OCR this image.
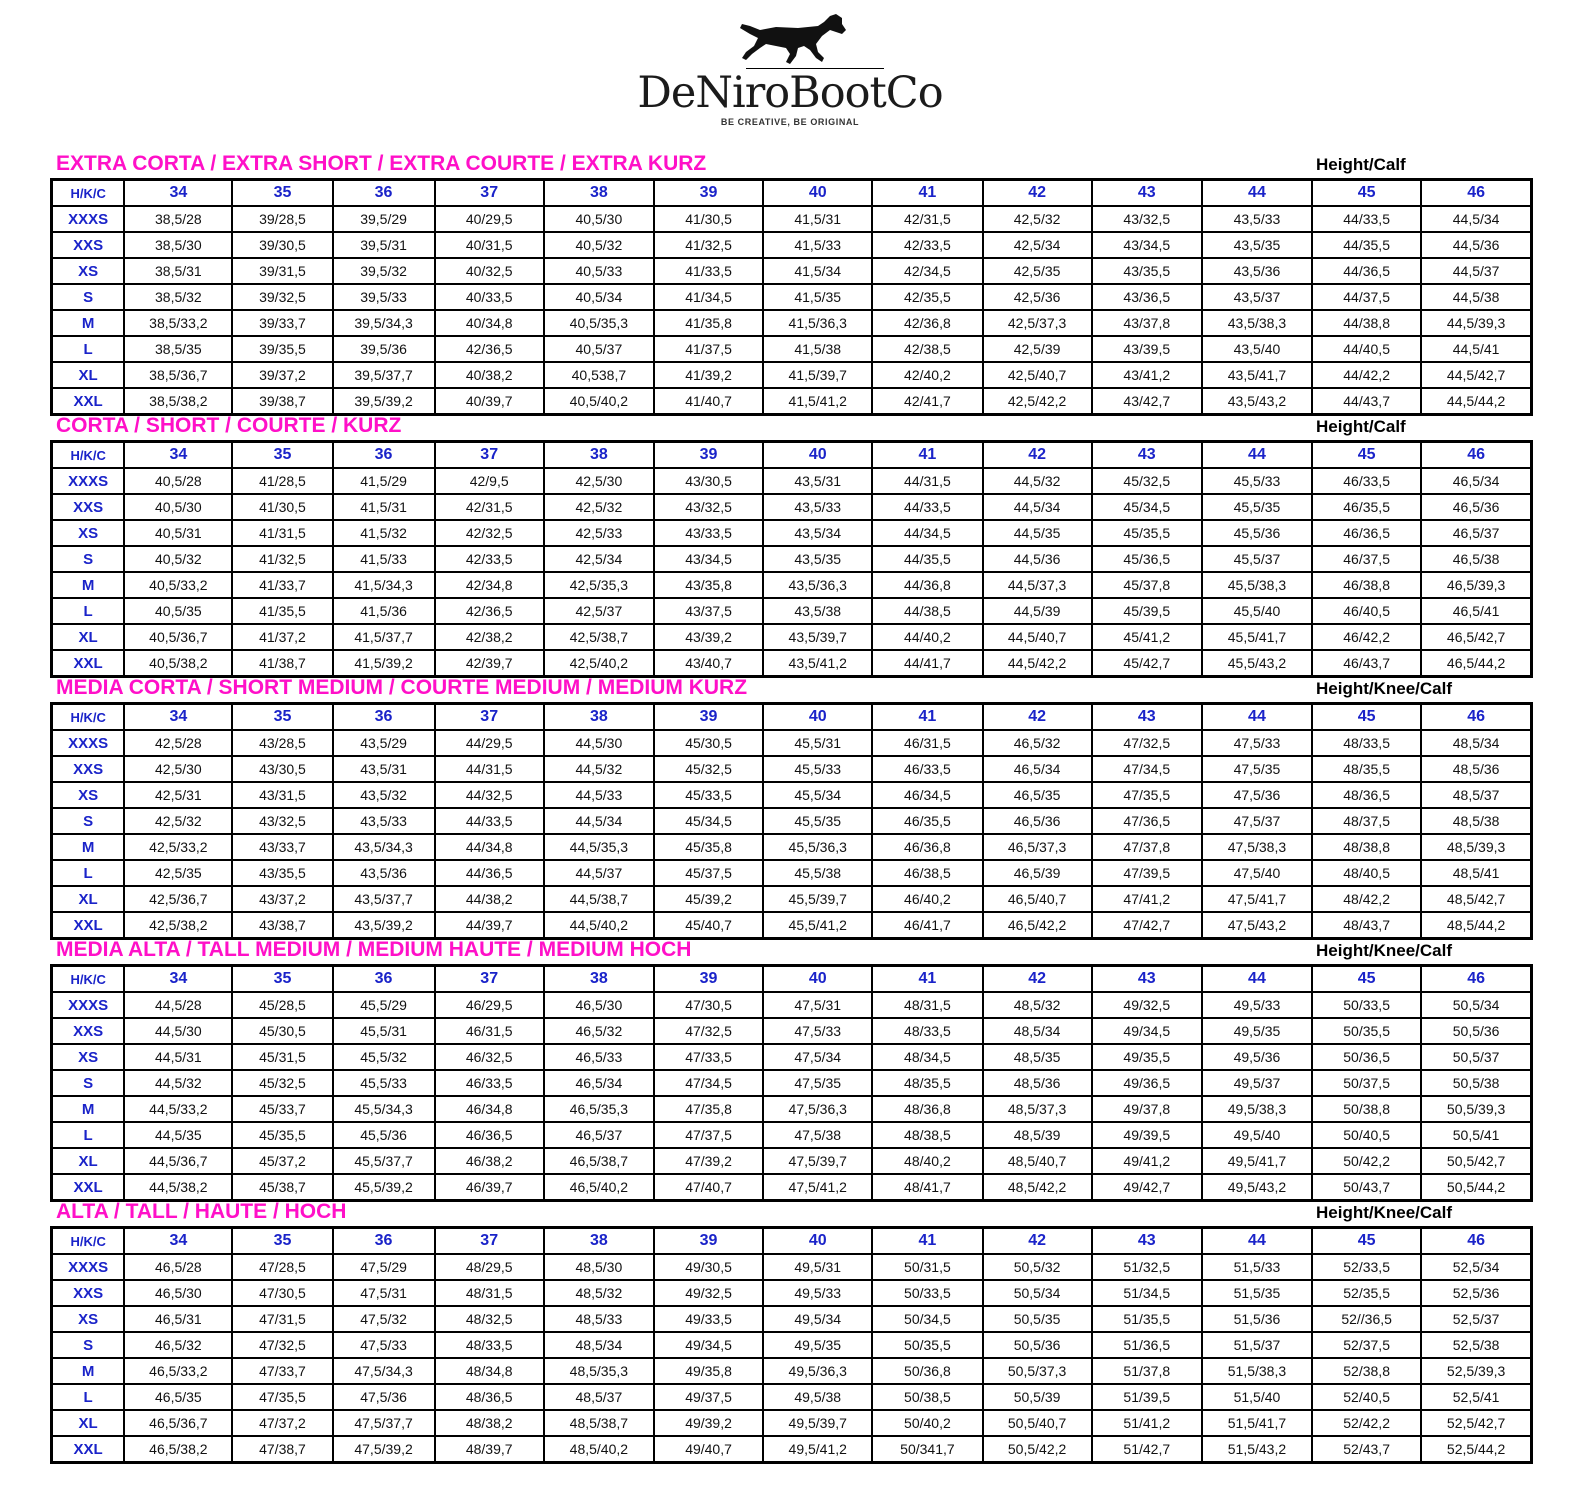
DeNiroBootCo
BE CREATIVE, BE ORIGINAL
EXTRA CORTA / EXTRA SHORT / EXTRA COURTE / EXTRA KURZ	Height/Calf
H/K/C	34	35	36	37	38	39	40	41	42	43	44	45	46
XXXS	38,5/28	39/28,5	39,5/29	40/29,5	40,5/30	41/30,5	41,5/31	42/31,5	42,5/32	43/32,5	43,5/33	44/33,5	44,5/34
XXS	38,5/30	39/30,5	39,5/31	40/31,5	40,5/32	41/32,5	41,5/33	42/33,5	42,5/34	43/34,5	43,5/35	44/35,5	44,5/36
XS	38,5/31	39/31,5	39,5/32	40/32,5	40,5/33	41/33,5	41,5/34	42/34,5	42,5/35	43/35,5	43,5/36	44/36,5	44,5/37
S	38,5/32	39/32,5	39,5/33	40/33,5	40,5/34	41/34,5	41,5/35	42/35,5	42,5/36	43/36,5	43,5/37	44/37,5	44,5/38
M	38,5/33,2	39/33,7	39,5/34,3	40/34,8	40,5/35,3	41/35,8	41,5/36,3	42/36,8	42,5/37,3	43/37,8	43,5/38,3	44/38,8	44,5/39,3
L	38,5/35	39/35,5	39,5/36	42/36,5	40,5/37	41/37,5	41,5/38	42/38,5	42,5/39	43/39,5	43,5/40	44/40,5	44,5/41
XL	38,5/36,7	39/37,2	39,5/37,7	40/38,2	40,538,7	41/39,2	41,5/39,7	42/40,2	42,5/40,7	43/41,2	43,5/41,7	44/42,2	44,5/42,7
XXL	38,5/38,2	39/38,7	39,5/39,2	40/39,7	40,5/40,2	41/40,7	41,5/41,2	42/41,7	42,5/42,2	43/42,7	43,5/43,2	44/43,7	44,5/44,2
CORTA / SHORT / COURTE / KURZ	Height/Calf
H/K/C	34	35	36	37	38	39	40	41	42	43	44	45	46
XXXS	40,5/28	41/28,5	41,5/29	42/9,5	42,5/30	43/30,5	43,5/31	44/31,5	44,5/32	45/32,5	45,5/33	46/33,5	46,5/34
XXS	40,5/30	41/30,5	41,5/31	42/31,5	42,5/32	43/32,5	43,5/33	44/33,5	44,5/34	45/34,5	45,5/35	46/35,5	46,5/36
XS	40,5/31	41/31,5	41,5/32	42/32,5	42,5/33	43/33,5	43,5/34	44/34,5	44,5/35	45/35,5	45,5/36	46/36,5	46,5/37
S	40,5/32	41/32,5	41,5/33	42/33,5	42,5/34	43/34,5	43,5/35	44/35,5	44,5/36	45/36,5	45,5/37	46/37,5	46,5/38
M	40,5/33,2	41/33,7	41,5/34,3	42/34,8	42,5/35,3	43/35,8	43,5/36,3	44/36,8	44,5/37,3	45/37,8	45,5/38,3	46/38,8	46,5/39,3
L	40,5/35	41/35,5	41,5/36	42/36,5	42,5/37	43/37,5	43,5/38	44/38,5	44,5/39	45/39,5	45,5/40	46/40,5	46,5/41
XL	40,5/36,7	41/37,2	41,5/37,7	42/38,2	42,5/38,7	43/39,2	43,5/39,7	44/40,2	44,5/40,7	45/41,2	45,5/41,7	46/42,2	46,5/42,7
XXL	40,5/38,2	41/38,7	41,5/39,2	42/39,7	42,5/40,2	43/40,7	43,5/41,2	44/41,7	44,5/42,2	45/42,7	45,5/43,2	46/43,7	46,5/44,2
MEDIA CORTA / SHORT MEDIUM / COURTE MEDIUM / MEDIUM KURZ	Height/Knee/Calf
H/K/C	34	35	36	37	38	39	40	41	42	43	44	45	46
XXXS	42,5/28	43/28,5	43,5/29	44/29,5	44,5/30	45/30,5	45,5/31	46/31,5	46,5/32	47/32,5	47,5/33	48/33,5	48,5/34
XXS	42,5/30	43/30,5	43,5/31	44/31,5	44,5/32	45/32,5	45,5/33	46/33,5	46,5/34	47/34,5	47,5/35	48/35,5	48,5/36
XS	42,5/31	43/31,5	43,5/32	44/32,5	44,5/33	45/33,5	45,5/34	46/34,5	46,5/35	47/35,5	47,5/36	48/36,5	48,5/37
S	42,5/32	43/32,5	43,5/33	44/33,5	44,5/34	45/34,5	45,5/35	46/35,5	46,5/36	47/36,5	47,5/37	48/37,5	48,5/38
M	42,5/33,2	43/33,7	43,5/34,3	44/34,8	44,5/35,3	45/35,8	45,5/36,3	46/36,8	46,5/37,3	47/37,8	47,5/38,3	48/38,8	48,5/39,3
L	42,5/35	43/35,5	43,5/36	44/36,5	44,5/37	45/37,5	45,5/38	46/38,5	46,5/39	47/39,5	47,5/40	48/40,5	48,5/41
XL	42,5/36,7	43/37,2	43,5/37,7	44/38,2	44,5/38,7	45/39,2	45,5/39,7	46/40,2	46,5/40,7	47/41,2	47,5/41,7	48/42,2	48,5/42,7
XXL	42,5/38,2	43/38,7	43,5/39,2	44/39,7	44,5/40,2	45/40,7	45,5/41,2	46/41,7	46,5/42,2	47/42,7	47,5/43,2	48/43,7	48,5/44,2
MEDIA ALTA / TALL MEDIUM / MEDIUM HAUTE / MEDIUM HOCH	Height/Knee/Calf
H/K/C	34	35	36	37	38	39	40	41	42	43	44	45	46
XXXS	44,5/28	45/28,5	45,5/29	46/29,5	46,5/30	47/30,5	47,5/31	48/31,5	48,5/32	49/32,5	49,5/33	50/33,5	50,5/34
XXS	44,5/30	45/30,5	45,5/31	46/31,5	46,5/32	47/32,5	47,5/33	48/33,5	48,5/34	49/34,5	49,5/35	50/35,5	50,5/36
XS	44,5/31	45/31,5	45,5/32	46/32,5	46,5/33	47/33,5	47,5/34	48/34,5	48,5/35	49/35,5	49,5/36	50/36,5	50,5/37
S	44,5/32	45/32,5	45,5/33	46/33,5	46,5/34	47/34,5	47,5/35	48/35,5	48,5/36	49/36,5	49,5/37	50/37,5	50,5/38
M	44,5/33,2	45/33,7	45,5/34,3	46/34,8	46,5/35,3	47/35,8	47,5/36,3	48/36,8	48,5/37,3	49/37,8	49,5/38,3	50/38,8	50,5/39,3
L	44,5/35	45/35,5	45,5/36	46/36,5	46,5/37	47/37,5	47,5/38	48/38,5	48,5/39	49/39,5	49,5/40	50/40,5	50,5/41
XL	44,5/36,7	45/37,2	45,5/37,7	46/38,2	46,5/38,7	47/39,2	47,5/39,7	48/40,2	48,5/40,7	49/41,2	49,5/41,7	50/42,2	50,5/42,7
XXL	44,5/38,2	45/38,7	45,5/39,2	46/39,7	46,5/40,2	47/40,7	47,5/41,2	48/41,7	48,5/42,2	49/42,7	49,5/43,2	50/43,7	50,5/44,2
ALTA / TALL / HAUTE / HOCH	Height/Knee/Calf
H/K/C	34	35	36	37	38	39	40	41	42	43	44	45	46
XXXS	46,5/28	47/28,5	47,5/29	48/29,5	48,5/30	49/30,5	49,5/31	50/31,5	50,5/32	51/32,5	51,5/33	52/33,5	52,5/34
XXS	46,5/30	47/30,5	47,5/31	48/31,5	48,5/32	49/32,5	49,5/33	50/33,5	50,5/34	51/34,5	51,5/35	52/35,5	52,5/36
XS	46,5/31	47/31,5	47,5/32	48/32,5	48,5/33	49/33,5	49,5/34	50/34,5	50,5/35	51/35,5	51,5/36	52//36,5	52,5/37
S	46,5/32	47/32,5	47,5/33	48/33,5	48,5/34	49/34,5	49,5/35	50/35,5	50,5/36	51/36,5	51,5/37	52/37,5	52,5/38
M	46,5/33,2	47/33,7	47,5/34,3	48/34,8	48,5/35,3	49/35,8	49,5/36,3	50/36,8	50,5/37,3	51/37,8	51,5/38,3	52/38,8	52,5/39,3
L	46,5/35	47/35,5	47,5/36	48/36,5	48,5/37	49/37,5	49,5/38	50/38,5	50,5/39	51/39,5	51,5/40	52/40,5	52,5/41
XL	46,5/36,7	47/37,2	47,5/37,7	48/38,2	48,5/38,7	49/39,2	49,5/39,7	50/40,2	50,5/40,7	51/41,2	51,5/41,7	52/42,2	52,5/42,7
XXL	46,5/38,2	47/38,7	47,5/39,2	48/39,7	48,5/40,2	49/40,7	49,5/41,2	50/341,7	50,5/42,2	51/42,7	51,5/43,2	52/43,7	52,5/44,2
